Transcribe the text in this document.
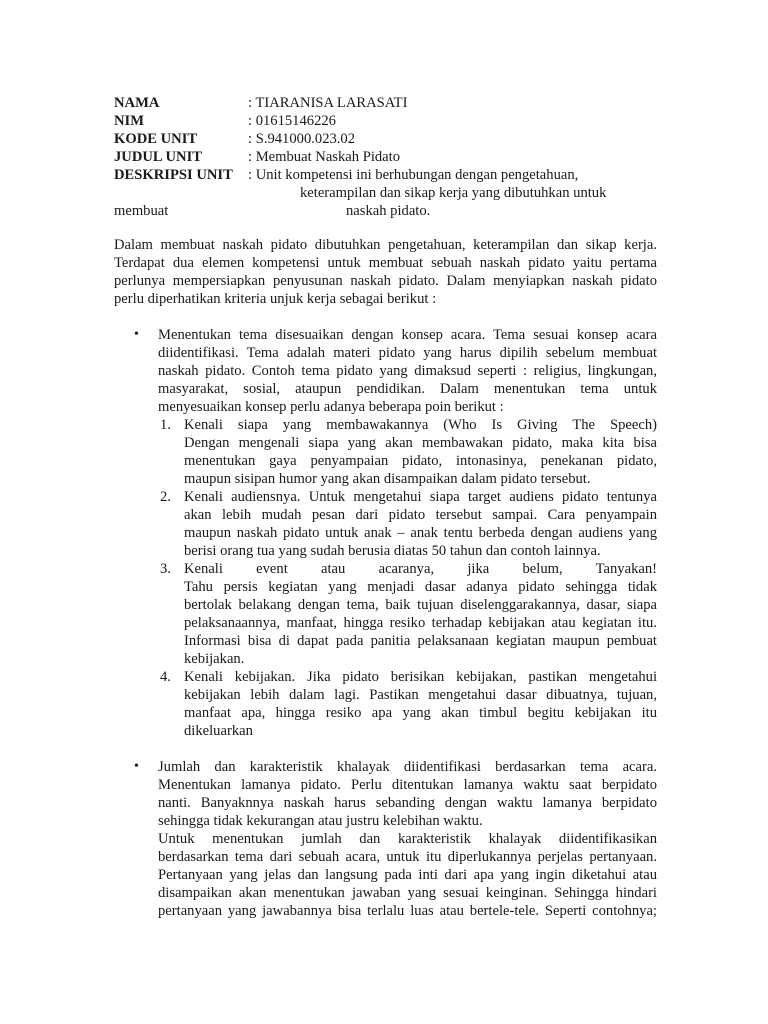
NAMA	: TIARANISA LARASATI
NIM	: 01615146226
KODE UNIT	: S.941000.023.02
JUDUL UNIT	: Membuat Naskah Pidato
DESKRIPSI UNIT	: Unit kompetensi ini berhubungan dengan pengetahuan,
keterampilan dan sikap kerja yang dibutuhkan untuk
membuat	naskah pidato.
Dalam membuat naskah pidato dibutuhkan pengetahuan, keterampilan dan sikap kerja.
Terdapat dua elemen kompetensi untuk membuat sebuah naskah pidato yaitu pertama
perlunya mempersiapkan penyusunan naskah pidato. Dalam menyiapkan naskah pidato
perlu diperhatikan kriteria unjuk kerja sebagai berikut :
• Menentukan tema disesuaikan dengan konsep acara. Tema sesuai konsep acara
diidentifikasi. Tema adalah materi pidato yang harus dipilih sebelum membuat
naskah pidato. Contoh tema pidato yang dimaksud seperti : religius, lingkungan,
masyarakat, sosial, ataupun pendidikan. Dalam menentukan tema untuk
menyesuaikan konsep perlu adanya beberapa poin berikut :
1. Kenali siapa yang membawakannya (Who Is Giving The Speech)
Dengan mengenali siapa yang akan membawakan pidato, maka kita bisa
menentukan gaya penyampaian pidato, intonasinya, penekanan pidato,
maupun sisipan humor yang akan disampaikan dalam pidato tersebut.
2. Kenali audiensnya. Untuk mengetahui siapa target audiens pidato tentunya
akan lebih mudah pesan dari pidato tersebut sampai. Cara penyampain
maupun naskah pidato untuk anak – anak tentu berbeda dengan audiens yang
berisi orang tua yang sudah berusia diatas 50 tahun dan contoh lainnya.
3. Kenali event atau acaranya, jika belum, Tanyakan!
Tahu persis kegiatan yang menjadi dasar adanya pidato sehingga tidak
bertolak belakang dengan tema, baik tujuan diselenggarakannya, dasar, siapa
pelaksanaannya, manfaat, hingga resiko terhadap kebijakan atau kegiatan itu.
Informasi bisa di dapat pada panitia pelaksanaan kegiatan maupun pembuat
kebijakan.
4. Kenali kebijakan. Jika pidato berisikan kebijakan, pastikan mengetahui
kebijakan lebih dalam lagi. Pastikan mengetahui dasar dibuatnya, tujuan,
manfaat apa, hingga resiko apa yang akan timbul begitu kebijakan itu
dikeluarkan
• Jumlah dan karakteristik khalayak diidentifikasi berdasarkan tema acara.
Menentukan lamanya pidato. Perlu ditentukan lamanya waktu saat berpidato
nanti. Banyaknnya naskah harus sebanding dengan waktu lamanya berpidato
sehingga tidak kekurangan atau justru kelebihan waktu.
Untuk menentukan jumlah dan karakteristik khalayak diidentifikasikan
berdasarkan tema dari sebuah acara, untuk itu diperlukannya perjelas pertanyaan.
Pertanyaan yang jelas dan langsung pada inti dari apa yang ingin diketahui atau
disampaikan akan menentukan jawaban yang sesuai keinginan. Sehingga hindari
pertanyaan yang jawabannya bisa terlalu luas atau bertele-tele. Seperti contohnya;
